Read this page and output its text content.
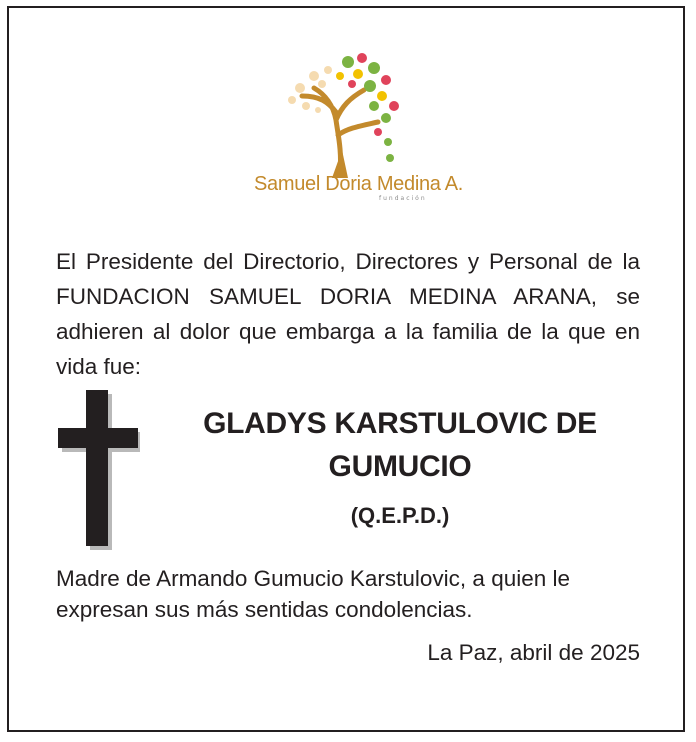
Samuel Doria Medina A.
fundación
El Presidente del Directorio, Directores y Personal de la FUNDACION SAMUEL DORIA MEDINA ARANA, se adhieren al dolor que embarga a la familia de la que en vida fue:
GLADYS KARSTULOVIC DE
GUMUCIO
(Q.E.P.D.)
Madre de Armando Gumucio Karstulovic, a quien le expresan sus más sentidas condolencias.
La Paz, abril de 2025
